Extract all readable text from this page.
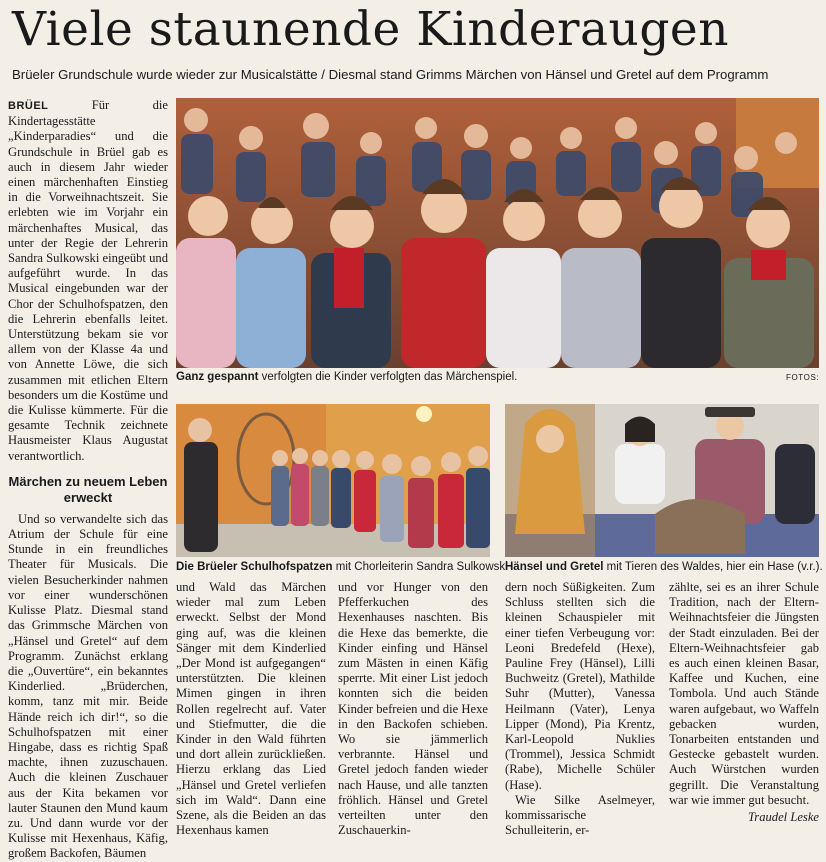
Viele staunende Kinderaugen
Brüeler Grundschule wurde wieder zur Musicalstätte / Diesmal stand Grimms Märchen von Hänsel und Gretel auf dem Programm

BRÜEL	Für die Kindertagesstätte „Kinderparadies“ und die Grundschule in Brüel gab es auch in diesem Jahr wieder einen märchenhaften Einstieg in die Vorweihnachtszeit. Sie erlebten wie im Vorjahr ein märchenhaftes Musical, das unter der Regie der Lehrerin Sandra Sulkowski eingeübt und aufgeführt wurde. In das Musical eingebunden war der Chor der Schulhofspatzen, den die Lehrerin ebenfalls leitet. Unterstützung bekam sie vor allem von der Klasse 4a und von Annette Löwe, die sich zusammen mit etlichen Eltern besonders um die Kostüme und die Kulisse kümmerte. Für die gesamte Technik zeichnete Hausmeister Klaus Augustat verantwortlich.

Märchen zu neuem Leben erweckt

Und so verwandelte sich das Atrium der Schule für eine Stunde in ein freundliches Theater für Musicals. Die vielen Besucherkinder nahmen vor einer wunderschönen Kulisse Platz. Diesmal stand das Grimmsche Märchen von „Hänsel und Gretel“ auf dem Programm. Zunächst erklang die „Ouvertüre“, ein bekanntes Kinderlied. „Brüderchen, komm, tanz mit mir. Beide Hände reich ich dir!“, so die Schulhofspatzen mit einer Hingabe, dass es richtig Spaß machte, ihnen zuzuschauen. Auch die kleinen Zuschauer aus der Kita bekamen vor lauter Staunen den Mund kaum zu. Und dann wurde vor der Kulisse mit Hexenhaus, Käfig, großem Backofen, Bäumen

Ganz gespannt verfolgten die Kinder verfolgten das Märchenspiel.	FOTOS:
Die Brüeler Schulhofspatzen mit Chorleiterin Sandra Sulkowski
Hänsel und Gretel mit Tieren des Waldes, hier ein Hase (v.r.).

und Wald das Märchen wieder mal zum Leben erweckt. Selbst der Mond ging auf, was die kleinen Sänger mit dem Kinderlied „Der Mond ist aufgegangen“ unterstützten. Die kleinen Mimen gingen in ihren Rollen regelrecht auf. Vater und Stiefmutter, die die Kinder in den Wald führten und dort allein zurückließen. Hierzu erklang das Lied „Hänsel und Gretel verliefen sich im Wald“. Dann eine Szene, als die Beiden an das Hexenhaus kamen

und vor Hunger von den Pfefferkuchen des Hexenhauses naschten. Bis die Hexe das bemerkte, die Kinder einfing und Hänsel zum Mästen in einen Käfig sperrte. Mit einer List jedoch konnten sich die beiden Kinder befreien und die Hexe in den Backofen schieben. Wo sie jämmerlich verbrannte. Hänsel und Gretel jedoch fanden wieder nach Hause, und alle tanzten fröhlich. Hänsel und Gretel verteilten unter den Zuschauerkin-

dern noch Süßigkeiten. Zum Schluss stellten sich die kleinen Schauspieler mit einer tiefen Verbeugung vor: Leoni Bredefeld (Hexe), Pauline Frey (Hänsel), Lilli Buchweitz (Gretel), Mathilde Suhr (Mutter), Vanessa Heilmann (Vater), Lenya Lipper (Mond), Pia Krentz, Karl-Leopold Nuklies (Trommel), Jessica Schmidt (Rabe), Michelle Schüler (Hase).

Wie Silke Aselmeyer, kommissarische Schulleiterin, er-

zählte, sei es an ihrer Schule Tradition, nach der Eltern-Weihnachtsfeier die Jüngsten der Stadt einzuladen. Bei der Eltern-Weihnachtsfeier gab es auch einen kleinen Basar, Kaffee und Kuchen, eine Tombola. Und auch Stände waren aufgebaut, wo Waffeln gebacken wurden, Tonarbeiten entstanden und Gestecke gebastelt wurden. Auch Würstchen wurden gegrillt. Die Veranstaltung war wie immer gut besucht.

Traudel Leske
